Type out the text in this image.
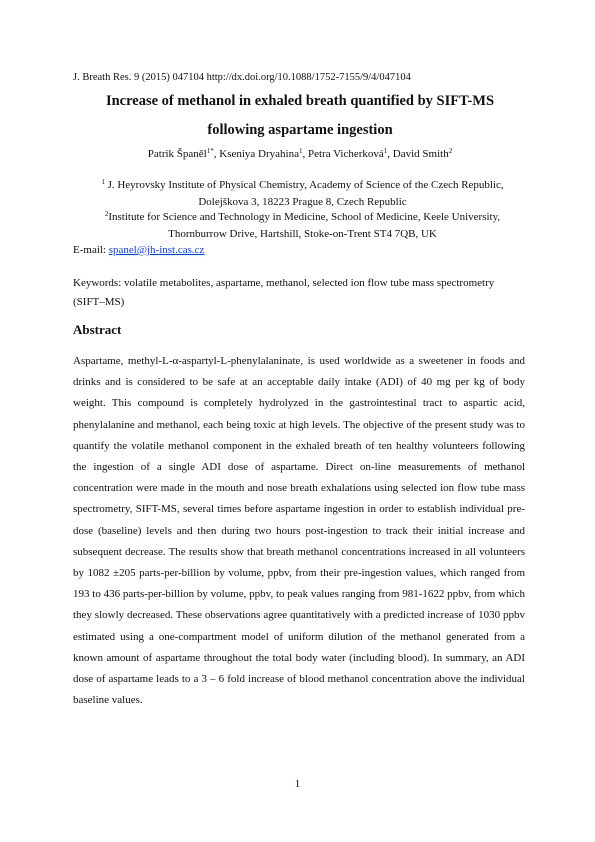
J. Breath Res. 9 (2015) 047104 http://dx.doi.org/10.1088/1752-7155/9/4/047104
Increase of methanol in exhaled breath quantified by SIFT-MS
following aspartame ingestion
Patrik Španěl$^{1*}$, Kseniya Dryahina$^1$, Petra Vicherková$^1$, David Smith$^2$
$^1$ J. Heyrovsky Institute of Physical Chemistry, Academy of Science of the Czech Republic,
Dolejškova 3, 18223 Prague 8, Czech Republic
$^2$Institute for Science and Technology in Medicine, School of Medicine, Keele University,
Thornburrow Drive, Hartshill, Stoke-on-Trent ST4 7QB, UK
E-mail: spanel@jh-inst.cas.cz
Keywords: volatile metabolites, aspartame, methanol, selected ion flow tube mass spectrometry (SIFT–MS)
Abstract
Aspartame, methyl-L-α-aspartyl-L-phenylalaninate, is used worldwide as a sweetener in foods and drinks and is considered to be safe at an acceptable daily intake (ADI) of 40 mg per kg of body weight. This compound is completely hydrolyzed in the gastrointestinal tract to aspartic acid, phenylalanine and methanol, each being toxic at high levels. The objective of the present study was to quantify the volatile methanol component in the exhaled breath of ten healthy volunteers following the ingestion of a single ADI dose of aspartame. Direct on-line measurements of methanol concentration were made in the mouth and nose breath exhalations using selected ion flow tube mass spectrometry, SIFT-MS, several times before aspartame ingestion in order to establish individual pre-dose (baseline) levels and then during two hours post-ingestion to track their initial increase and subsequent decrease. The results show that breath methanol concentrations increased in all volunteers by 1082 ±205 parts-per-billion by volume, ppbv, from their pre-ingestion values, which ranged from 193 to 436 parts-per-billion by volume, ppbv, to peak values ranging from 981-1622 ppbv, from which they slowly decreased. These observations agree quantitatively with a predicted increase of 1030 ppbv estimated using a one-compartment model of uniform dilution of the methanol generated from a known amount of aspartame throughout the total body water (including blood). In summary, an ADI dose of aspartame leads to a 3 – 6 fold increase of blood methanol concentration above the individual baseline values.
1
